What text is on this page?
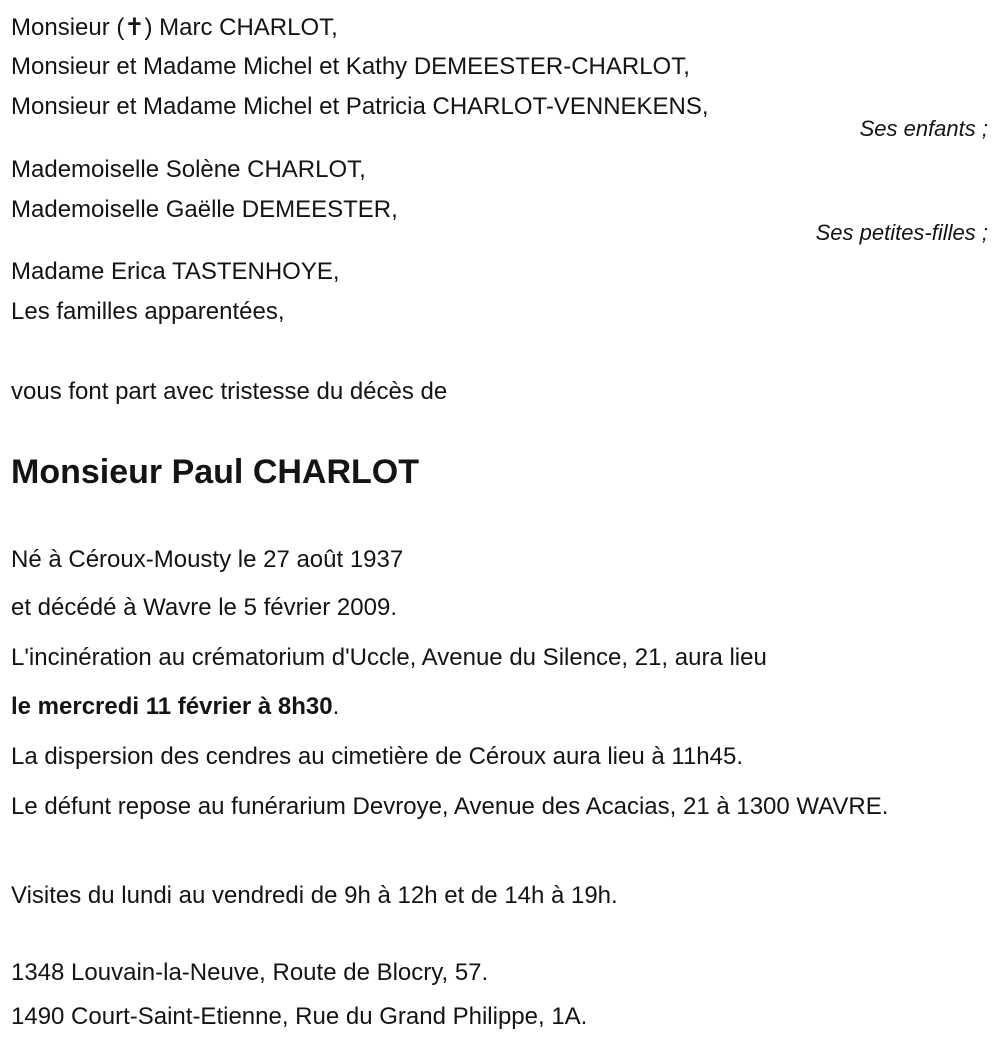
Monsieur (✝) Marc CHARLOT,
Monsieur et Madame Michel et Kathy DEMEESTER-CHARLOT,
Monsieur et Madame Michel et Patricia CHARLOT-VENNEKENS,
Ses enfants ;
Mademoiselle Solène CHARLOT,
Mademoiselle Gaëlle DEMEESTER,
Ses petites-filles ;
Madame Erica TASTENHOYE,
Les familles apparentées,
vous font part avec tristesse du décès de
Monsieur Paul CHARLOT
Né à Céroux-Mousty le 27 août 1937
et décédé à Wavre le 5 février 2009.
L'incinération au crématorium d'Uccle, Avenue du Silence, 21, aura lieu
le mercredi 11 février à 8h30.
La dispersion des cendres au cimetière de Céroux aura lieu à 11h45.
Le défunt repose au funérarium Devroye, Avenue des Acacias, 21 à 1300 WAVRE.
Visites du lundi au vendredi de 9h à 12h et de 14h à 19h.
1348 Louvain-la-Neuve, Route de Blocry, 57.
1490 Court-Saint-Etienne, Rue du Grand Philippe, 1A.
